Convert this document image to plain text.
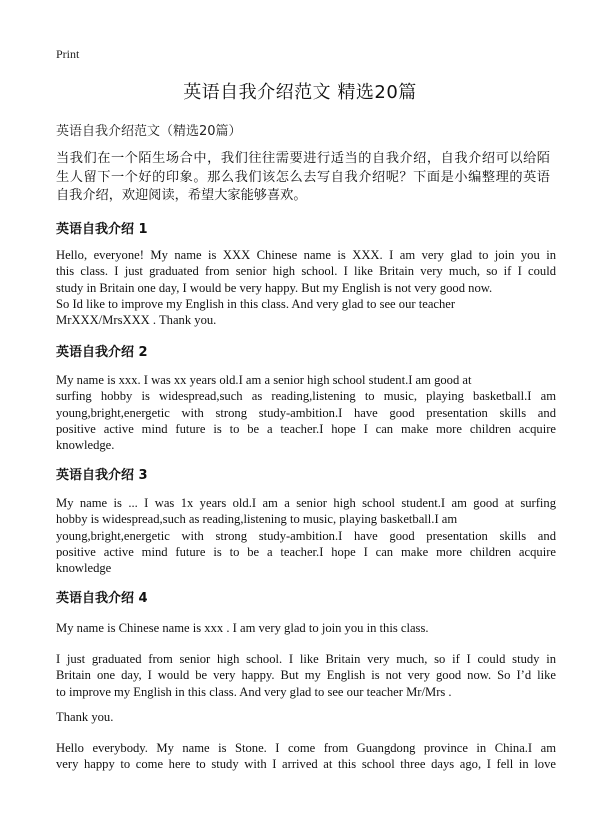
Print
英语自我介绍范文 精选20篇
英语自我介绍范文（精选20篇）
当我们在一个陌生场合中，我们往往需要进行适当的自我介绍，自我介绍可以给陌
生人留下一个好的印象。那么我们该怎么去写自我介绍呢？下面是小编整理的英语
自我介绍，欢迎阅读，希望大家能够喜欢。
英语自我介绍 1
Hello, everyone! My name is XXX Chinese name is XXX. I am very glad to join you in
this class. I just graduated from senior high school. I like Britain very much, so if I could
study in Britain one day, I would be very happy. But my English is not very good now.
So Id like to improve my English in this class. And very glad to see our teacher
MrXXX/MrsXXX . Thank you.
英语自我介绍 2
My name is xxx. I was xx years old.I am a senior high school student.I am good at
surfing hobby is widespread,such as reading,listening to music, playing basketball.I am
young,bright,energetic with strong study-ambition.I have good presentation skills and
positive active mind future is to be a teacher.I hope I can make more children acquire
knowledge.
英语自我介绍 3
My name is ... I was 1x years old.I am a senior high school student.I am good at surfing
hobby is widespread,such as reading,listening to music, playing basketball.I am
young,bright,energetic with strong study-ambition.I have good presentation skills and
positive active mind future is to be a teacher.I hope I can make more children acquire
knowledge
英语自我介绍 4
My name is Chinese name is xxx . I am very glad to join you in this class.
I just graduated from senior high school. I like Britain very much, so if I could study in
Britain one day, I would be very happy. But my English is not very good now. So I’d like
to improve my English in this class. And very glad to see our teacher Mr/Mrs .
Thank you.
Hello everybody. My name is Stone. I come from Guangdong province in China.I am
very happy to come here to study with I arrived at this school three days ago, I fell in love
